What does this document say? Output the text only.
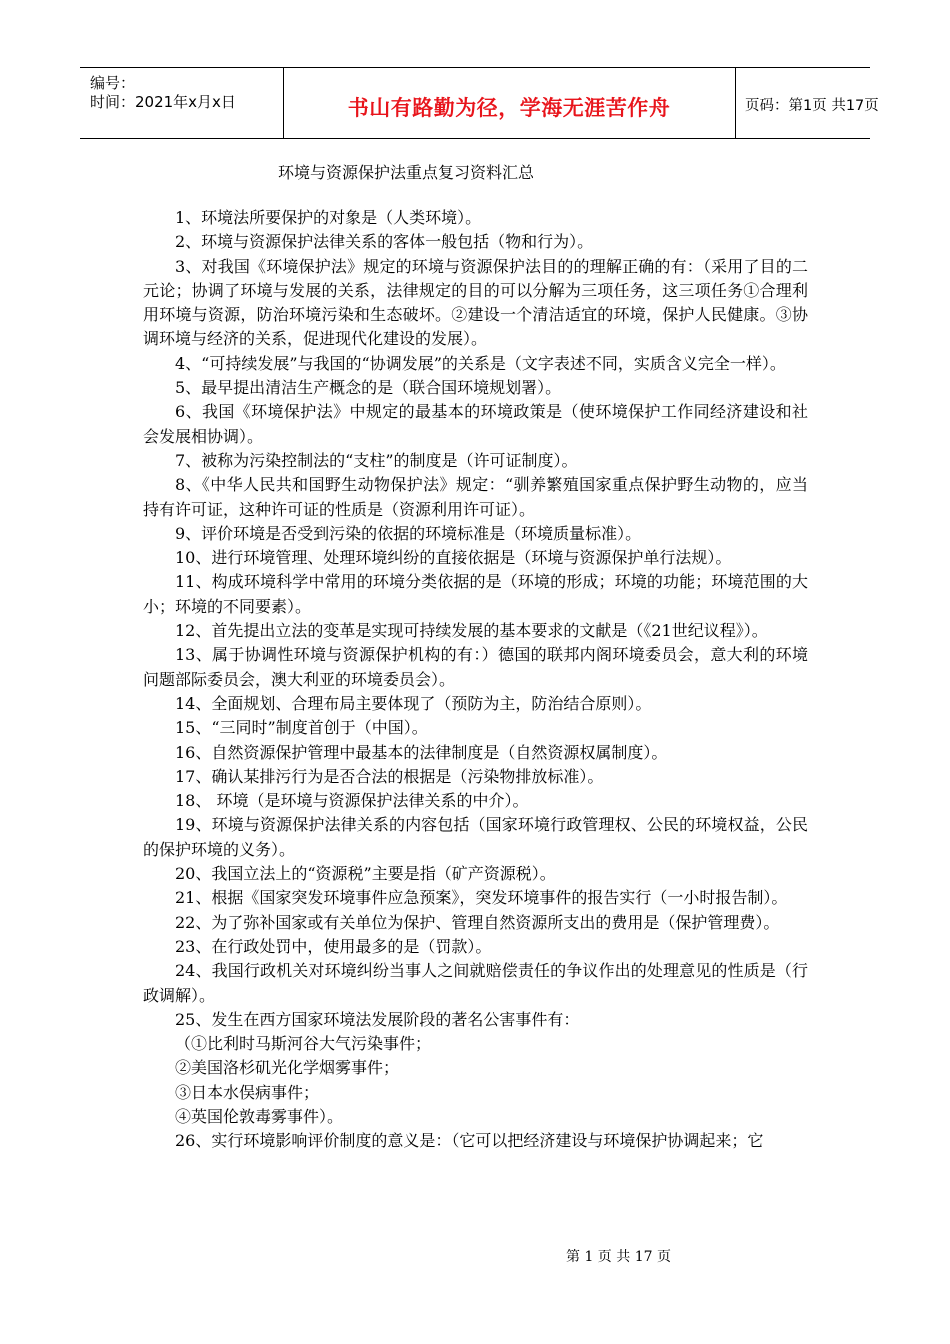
编号：
时间：2021年x月x日	书山有路勤为径，学海无涯苦作舟	页码：第1页 共17页
环境与资源保护法重点复习资料汇总

1、环境法所要保护的对象是（人类环境）。

2、环境与资源保护法律关系的客体一般包括（物和行为）。

3、对我国《环境保护法》规定的环境与资源保护法目的的理解正确的有：（采用了目的二元论；协调了环境与发展的关系，法律规定的目的可以分解为三项任务，这三项任务①合理利用环境与资源，防治环境污染和生态破坏。②建设一个清洁适宜的环境，保护人民健康。③协调环境与经济的关系，促进现代化建设的发展）。

4、“可持续发展”与我国的“协调发展”的关系是（文字表述不同，实质含义完全一样）。

5、最早提出清洁生产概念的是（联合国环境规划署）。

6、我国《环境保护法》中规定的最基本的环境政策是（使环境保护工作同经济建设和社会发展相协调）。

7、被称为污染控制法的“支柱”的制度是（许可证制度）。

8、《中华人民共和国野生动物保护法》规定：“驯养繁殖国家重点保护野生动物的，应当持有许可证，这种许可证的性质是（资源利用许可证）。

9、评价环境是否受到污染的依据的环境标准是（环境质量标准）。

10、进行环境管理、处理环境纠纷的直接依据是（环境与资源保护单行法规）。

11、构成环境科学中常用的环境分类依据的是（环境的形成；环境的功能；环境范围的大小；环境的不同要素）。

12、首先提出立法的变革是实现可持续发展的基本要求的文献是（《21世纪议程》）。

13、属于协调性环境与资源保护机构的有：）德国的联邦内阁环境委员会，意大利的环境问题部际委员会，澳大利亚的环境委员会）。

14、全面规划、合理布局主要体现了（预防为主，防治结合原则）。

15、“三同时”制度首创于（中国）。

16、自然资源保护管理中最基本的法律制度是（自然资源权属制度）。

17、确认某排污行为是否合法的根据是（污染物排放标准）。

18、 环境（是环境与资源保护法律关系的中介）。

19、环境与资源保护法律关系的内容包括（国家环境行政管理权、公民的环境权益，公民的保护环境的义务）。

20、我国立法上的“资源税”主要是指（矿产资源税）。

21、根据《国家突发环境事件应急预案》，突发环境事件的报告实行（一小时报告制）。

22、为了弥补国家或有关单位为保护、管理自然资源所支出的费用是（保护管理费）。

23、在行政处罚中，使用最多的是（罚款）。

24、我国行政机关对环境纠纷当事人之间就赔偿责任的争议作出的处理意见的性质是（行政调解）。

25、发生在西方国家环境法发展阶段的著名公害事件有：

（①比利时马斯河谷大气污染事件；

②美国洛杉矶光化学烟雾事件；

③日本水俣病事件；

④英国伦敦毒雾事件）。

26、实行环境影响评价制度的意义是：（它可以把经济建设与环境保护协调起来；它

第 1 页 共 17 页
